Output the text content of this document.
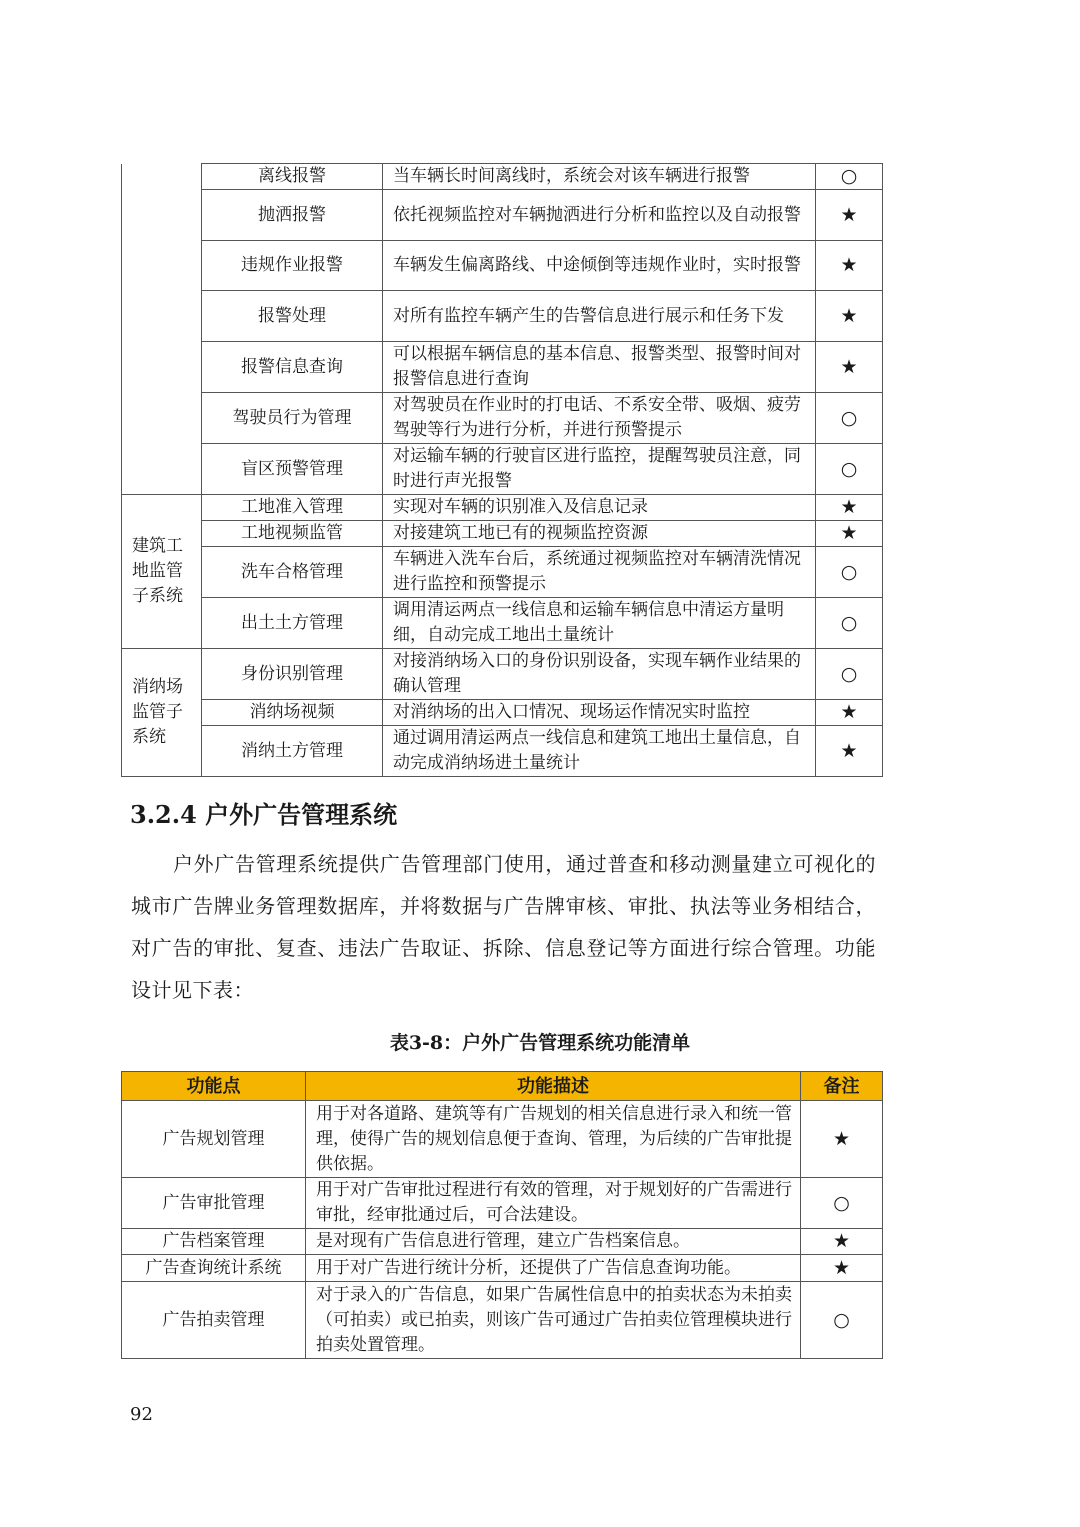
	离线报警	当车辆长时间离线时，系统会对该车辆进行报警	○
	抛洒报警	依托视频监控对车辆抛洒进行分析和监控以及自动报警	★
	违规作业报警	车辆发生偏离路线、中途倾倒等违规作业时，实时报警	★
	报警处理	对所有监控车辆产生的告警信息进行展示和任务下发	★
	报警信息查询	可以根据车辆信息的基本信息、报警类型、报警时间对报警信息进行查询	★
	驾驶员行为管理	对驾驶员在作业时的打电话、不系安全带、吸烟、疲劳驾驶等行为进行分析，并进行预警提示	○
	盲区预警管理	对运输车辆的行驶盲区进行监控，提醒驾驶员注意，同时进行声光报警	○
建筑工地监管子系统	工地准入管理	实现对车辆的识别准入及信息记录	★
	工地视频监管	对接建筑工地已有的视频监控资源	★
	洗车合格管理	车辆进入洗车台后，系统通过视频监控对车辆清洗情况进行监控和预警提示	○
	出土土方管理	调用清运两点一线信息和运输车辆信息中清运方量明细，自动完成工地出土量统计	○
消纳场监管子系统	身份识别管理	对接消纳场入口的身份识别设备，实现车辆作业结果的确认管理	○
	消纳场视频	对消纳场的出入口情况、现场运作情况实时监控	★
	消纳土方管理	通过调用清运两点一线信息和建筑工地出土量信息，自动完成消纳场进土量统计	★
3.2.4 户外广告管理系统

户外广告管理系统提供广告管理部门使用，通过普查和移动测量建立可视化的城市广告牌业务管理数据库，并将数据与广告牌审核、审批、执法等业务相结合，对广告的审批、复查、违法广告取证、拆除、信息登记等方面进行综合管理。功能设计见下表：

表3-8：户外广告管理系统功能清单

功能点	功能描述	备注
广告规划管理	用于对各道路、建筑等有广告规划的相关信息进行录入和统一管理，使得广告的规划信息便于查询、管理，为后续的广告审批提供依据。	★
广告审批管理	用于对广告审批过程进行有效的管理，对于规划好的广告需进行审批，经审批通过后，可合法建设。	○
广告档案管理	是对现有广告信息进行管理，建立广告档案信息。	★
广告查询统计系统	用于对广告进行统计分析，还提供了广告信息查询功能。	★
广告拍卖管理	对于录入的广告信息，如果广告属性信息中的拍卖状态为未拍卖（可拍卖）或已拍卖，则该广告可通过广告拍卖位管理模块进行拍卖处置管理。	○
92
